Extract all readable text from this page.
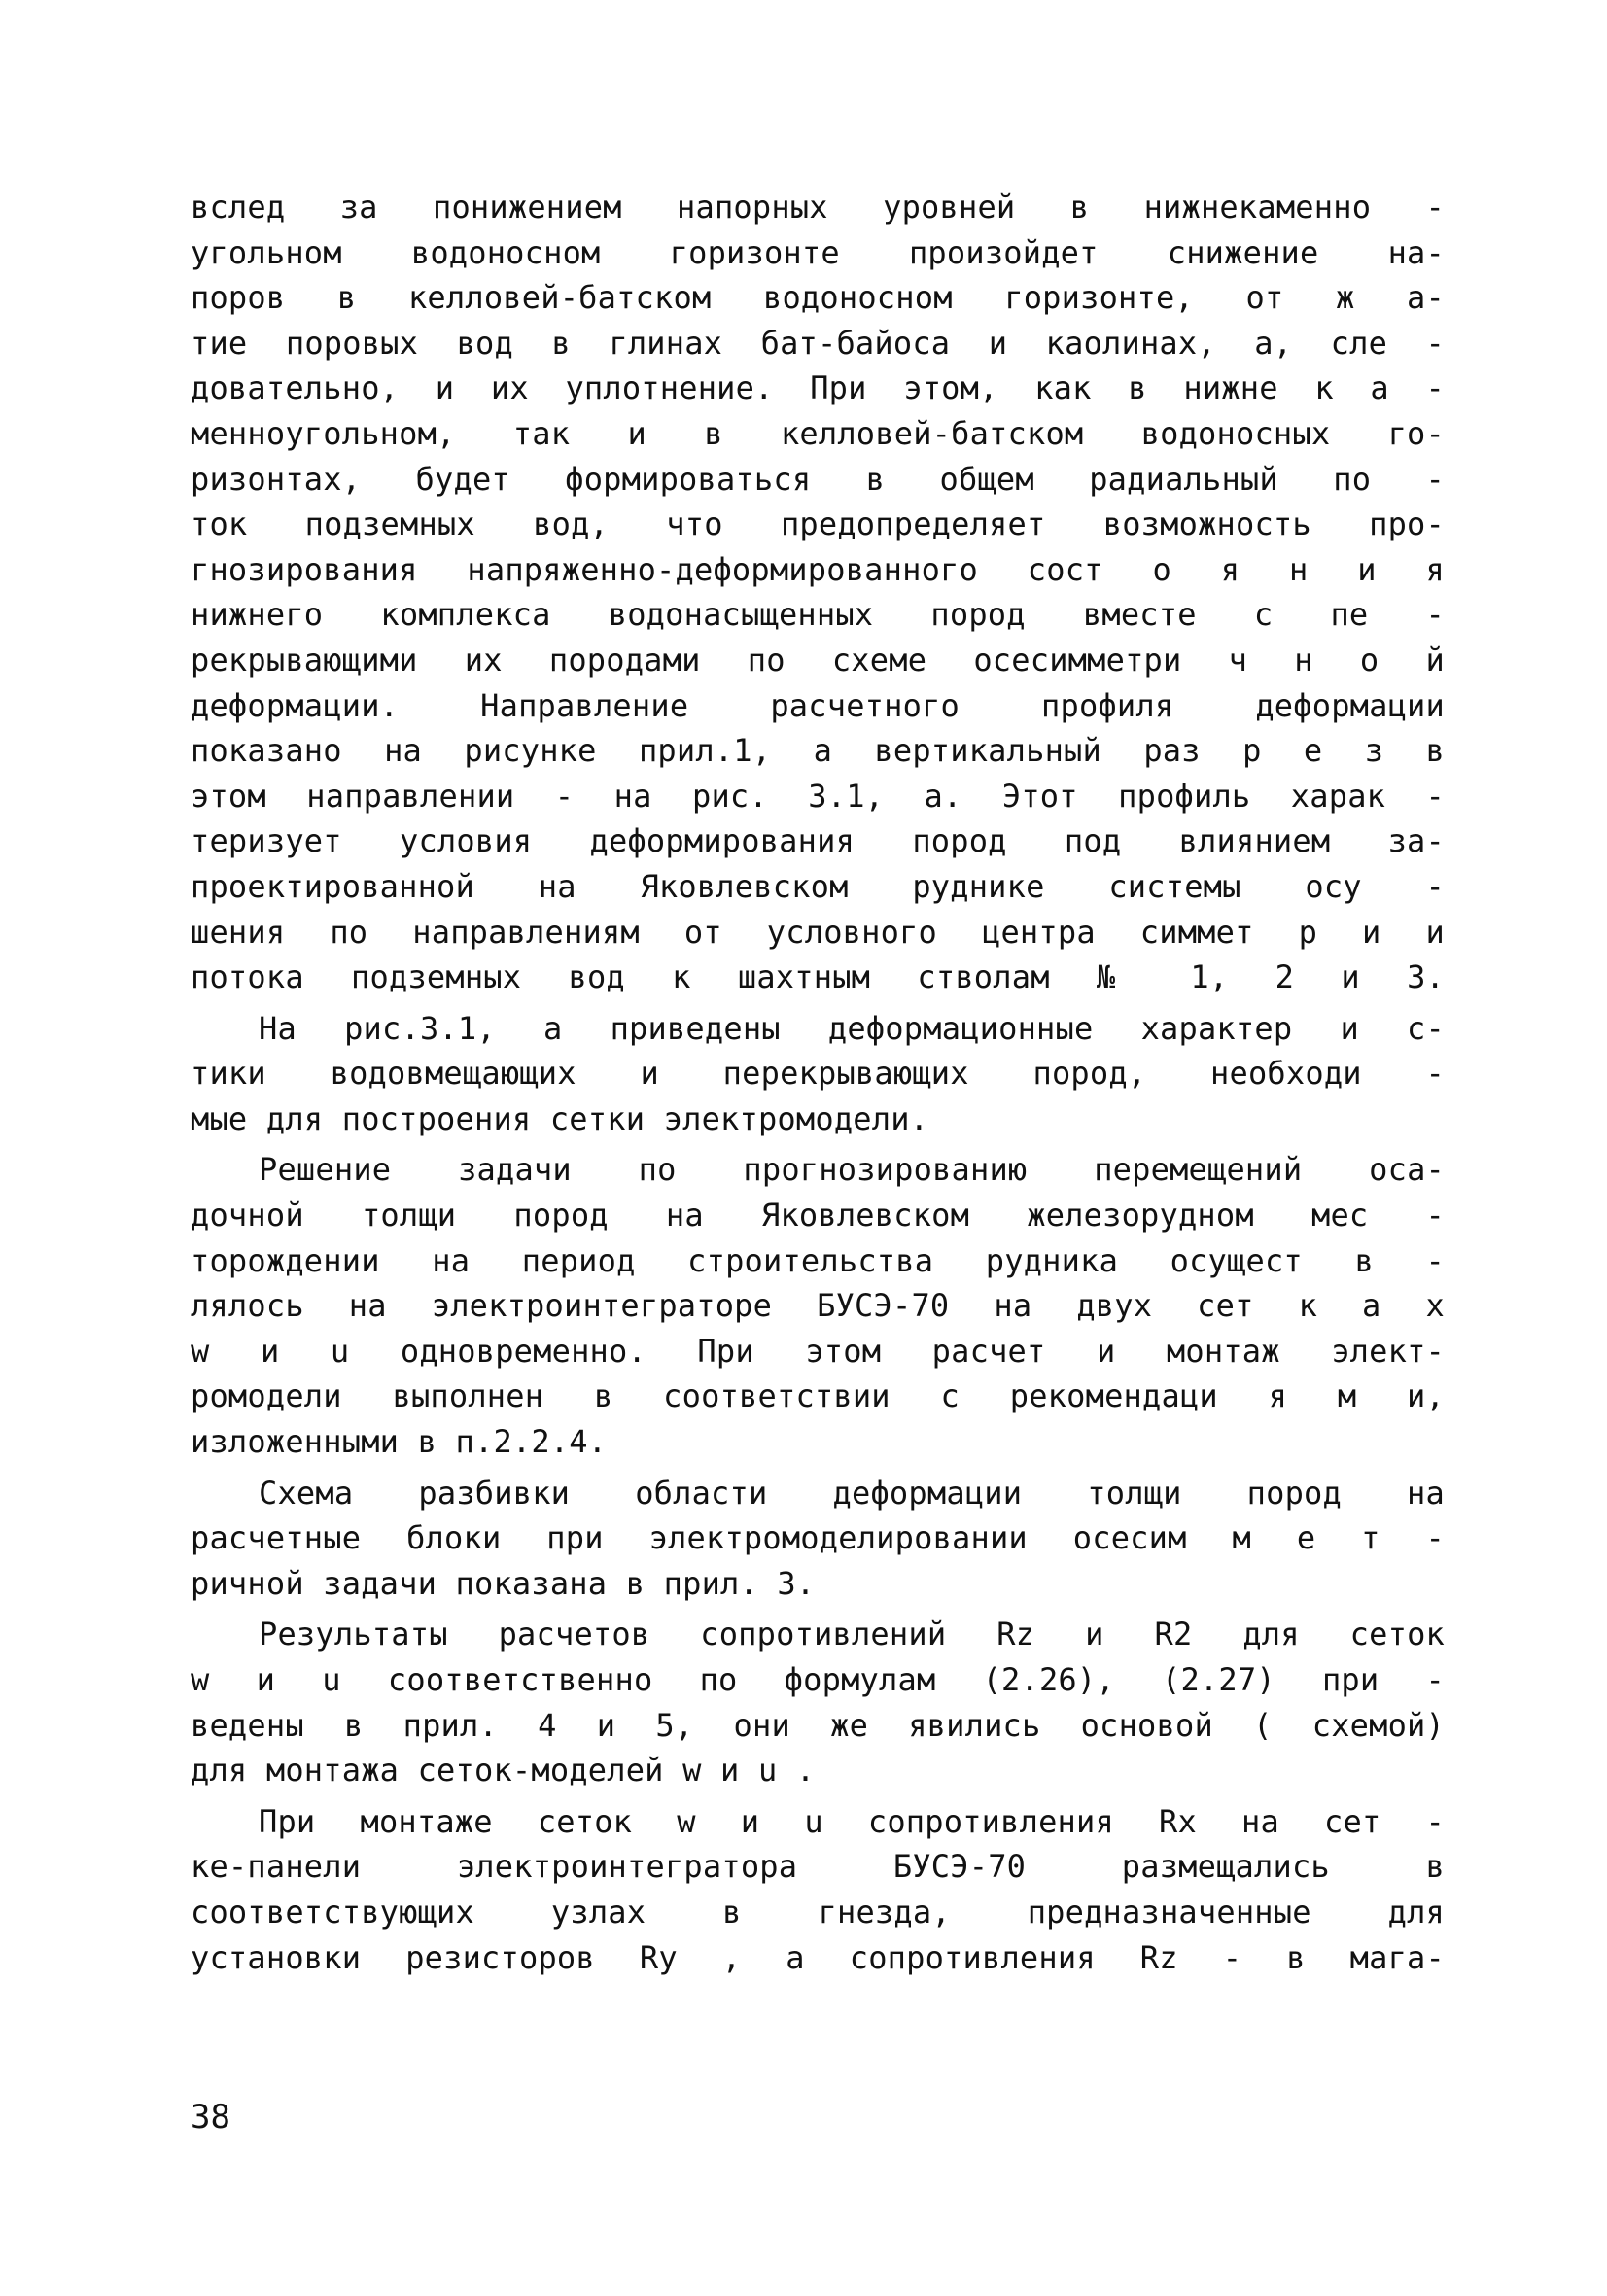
вслед за понижением напорных уровней в нижнекаменно -
угольном водоносном горизонте произойдет снижение на-
поров в келловей-батском водоносном горизонте, от ж а-
тие поровых вод в глинах бат-байоса и каолинах, а, сле -
довательно, и их уплотнение. При этом, как в нижне к а -
менноугольном, так и в келловей-батском водоносных го-
ризонтах, будет формироваться в общем радиальный по -
ток подземных вод, что предопределяет возможность про-
гнозирования напряженно-деформированного сост о я н и я
нижнего комплекса водонасыщенных пород вместе с пе -
рекрывающими их породами по схеме осесимметри ч н о й
деформации. Направление расчетного профиля деформации
показано на рисунке прил.1, а вертикальный раз р е з в
этом направлении - на рис. 3.1, а. Этот профиль харак -
теризует условия деформирования пород под влиянием за-
проектированной на Яковлевском руднике системы осу -
шения по направлениям от условного центра симмет р и и
потока подземных вод к шахтным стволам № 1, 2 и 3.
На рис.3.1, а приведены деформационные характер и с-
тики водовмещающих и перекрывающих пород, необходи -
мые для построения сетки электромодели.
Решение задачи по прогнозированию перемещений оса-
дочной толщи пород на Яковлевском железорудном мес -
торождении на период строительства рудника осущест в -
лялось на электроинтеграторе БУСЭ-70 на двух сет к а х
w и u одновременно. При этом расчет и монтаж элект-
ромодели выполнен в соответствии с рекомендаци я м и,
изложенными в п.2.2.4.
Схема разбивки области деформации толщи пород на
расчетные блоки при электромоделировании осесим м е т -
ричной задачи показана в прил. 3.
Результаты расчетов сопротивлений Rz и R2 для сеток
w и u соответственно по формулам (2.26), (2.27) при -
ведены в прил. 4 и 5, они же явились основой ( схемой)
для монтажа сеток-моделей w и u .
При монтаже сеток w и u сопротивления Rx на сет -
ке-панели электроинтегратора БУСЭ-70 размещались в
соответствующих узлах в гнезда, предназначенные для
установки резисторов Ry , а сопротивления Rz - в мага-
38
